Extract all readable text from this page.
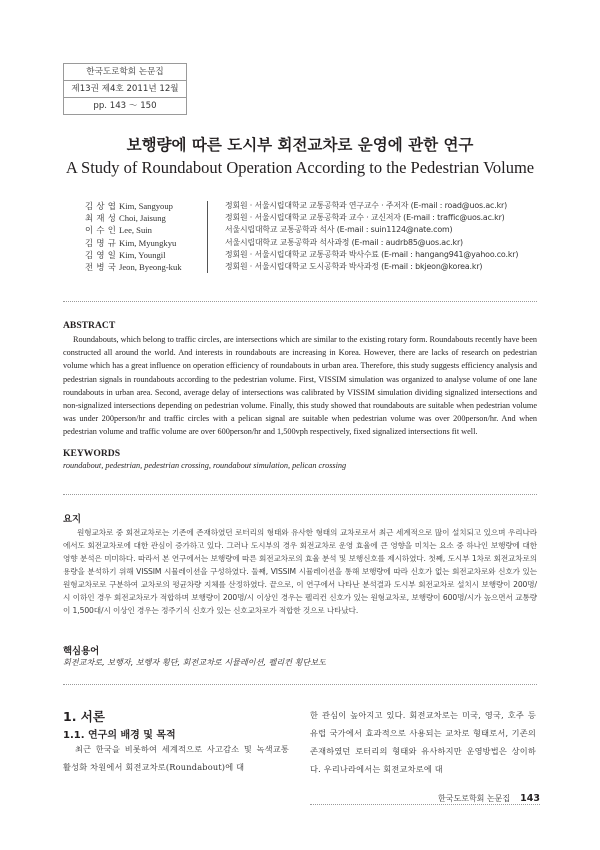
한국도로학회 논문집
제13권 제4호 2011년 12월
pp. 143 ～ 150
보행량에 따른 도시부 회전교차로 운영에 관한 연구
A Study of Roundabout Operation According to the Pedestrian Volume
김 상 엽 Kim, Sangyoup	정회원 · 서울시립대학교 교통공학과 연구교수 · 주저자 (E-mail : road@uos.ac.kr)
최 재 성 Choi, Jaisung	정회원 · 서울시립대학교 교통공학과 교수 · 교신저자 (E-mail : traffic@uos.ac.kr)
이 수 인 Lee, Suin	서울시립대학교 교통공학과 석사 (E-mail : suin1124@nate.com)
김 명 규 Kim, Myungkyu	서울시립대학교 교통공학과 석사과정 (E-mail : audrb85@uos.ac.kr)
김 영 일 Kim, Youngil	정회원 · 서울시립대학교 교통공학과 박사수료 (E-mail : hangang941@yahoo.co.kr)
전 병 국 Jeon, Byeong-kuk	정회원 · 서울시립대학교 도시공학과 박사과정 (E-mail : bkjeon@korea.kr)
ABSTRACT
Roundabouts, which belong to traffic circles, are intersections which are similar to the existing rotary form. Roundabouts recently have been constructed all around the world. And interests in roundabouts are increasing in Korea. However, there are lacks of research on pedestrian volume which has a great influence on operation efficiency of roundabouts in urban area. Therefore, this study suggests efficiency analysis and pedestrian signals in roundabouts according to the pedestrian volume. First, VISSIM simulation was organized to analyse volume of one lane roundabouts in urban area. Second, average delay of intersections was calibrated by VISSIM simulation dividing signalized intersections and non-signalized intersections depending on pedestrian volume. Finally, this study showed that roundabouts are suitable when pedestrian volume was under 200person/hr and traffic circles with a pelican signal are suitable when pedestrian volume was over 200person/hr. And when pedestrian volume and traffic volume are over 600person/hr and 1,500vph respectively, fixed signalized intersections fit well.
KEYWORDS
roundabout, pedestrian, pedestrian crossing, roundabout simulation, pelican crossing
요지
원형교차로 중 회전교차로는 기존에 존재하였던 로터리의 형태와 유사한 형태의 교차로로서 최근 세계적으로 많이 설치되고 있으며 우리나라에서도 회전교차로에 대한 관심이 증가하고 있다. 그러나 도시부의 경우 회전교차로 운영 효율에 큰 영향을 미치는 요소 중 하나인 보행량에 대한 영향 분석은 미미하다. 따라서 본 연구에서는 보행량에 따른 회전교차로의 효율 분석 및 보행신호를 제시하였다. 첫째, 도시부 1차로 회전교차로의 용량을 분석하기 위해 VISSIM 시뮬레이션을 구성하였다. 둘째, VISSIM 시뮬레이션을 통해 보행량에 따라 신호가 없는 회전교차로와 신호가 있는 원형교차로로 구분하여 교차로의 평균차량 지체를 산정하였다. 끝으로, 이 연구에서 나타난 분석결과 도시부 회전교차로 설치시 보행량이 200명/시 이하인 경우 회전교차로가 적합하며 보행량이 200명/시 이상인 경우는 펠리컨 신호가 있는 원형교차로, 보행량이 600명/시가 높으면서 교통량이 1,500대/시 이상인 경우는 정주기식 신호가 있는 신호교차로가 적합한 것으로 나타났다.
핵심용어
회전교차로, 보행자, 보행자 횡단, 회전교차로 시뮬레이션, 펠리컨 횡단보도
1. 서론
1.1. 연구의 배경 및 목적
최근 한국을 비롯하여 세계적으로 사고감소 및 녹색교통 활성화 차원에서 회전교차로(Roundabout)에 대
한 관심이 높아지고 있다. 회전교차로는 미국, 영국, 호주 등 유럽 국가에서 효과적으로 사용되는 교차로 형태로서, 기존의 존재하였던 로터리의 형태와 유사하지만 운영방법은 상이하다. 우리나라에서는 회전교차로에 대
한국도로학회 논문집 143
